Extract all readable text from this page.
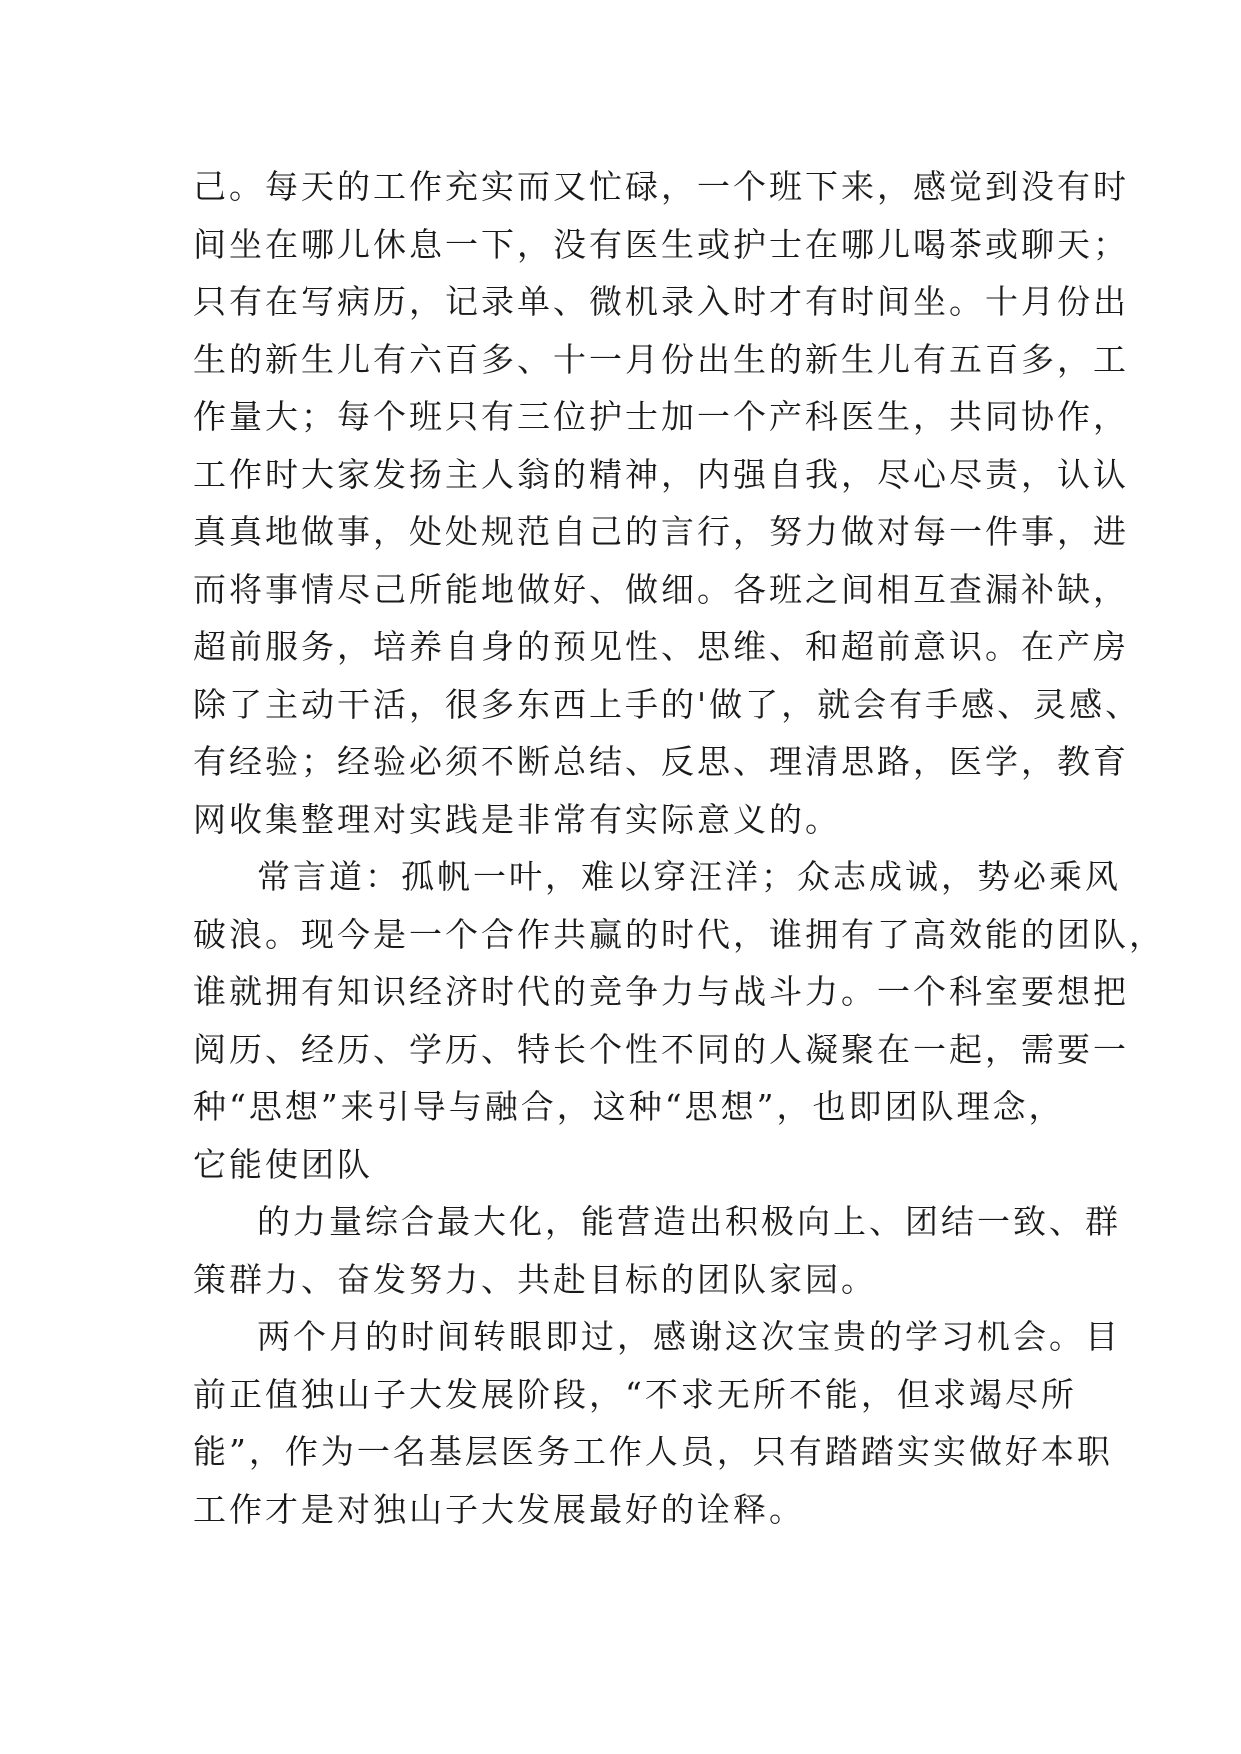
己。每天的工作充实而又忙碌，一个班下来，感觉到没有时
间坐在哪儿休息一下，没有医生或护士在哪儿喝茶或聊天；
只有在写病历，记录单、微机录入时才有时间坐。十月份出
生的新生儿有六百多、十一月份出生的新生儿有五百多，工
作量大；每个班只有三位护士加一个产科医生，共同协作，
工作时大家发扬主人翁的精神，内强自我，尽心尽责，认认
真真地做事，处处规范自己的言行，努力做对每一件事，进
而将事情尽己所能地做好、做细。各班之间相互查漏补缺，
超前服务，培养自身的预见性、思维、和超前意识。在产房
除了主动干活，很多东西上手的'做了，就会有手感、灵感、
有经验；经验必须不断总结、反思、理清思路，医学，教育
网收集整理对实践是非常有实际意义的。
常言道：孤帆一叶，难以穿汪洋；众志成诚，势必乘风
破浪。现今是一个合作共赢的时代，谁拥有了高效能的团队，
谁就拥有知识经济时代的竞争力与战斗力。一个科室要想把
阅历、经历、学历、特长个性不同的人凝聚在一起，需要一
种“思想”来引导与融合，这种“思想”，也即团队理念，
它能使团队
的力量综合最大化，能营造出积极向上、团结一致、群
策群力、奋发努力、共赴目标的团队家园。
两个月的时间转眼即过，感谢这次宝贵的学习机会。目
前正值独山子大发展阶段，“不求无所不能，但求竭尽所
能”，作为一名基层医务工作人员，只有踏踏实实做好本职
工作才是对独山子大发展最好的诠释。
